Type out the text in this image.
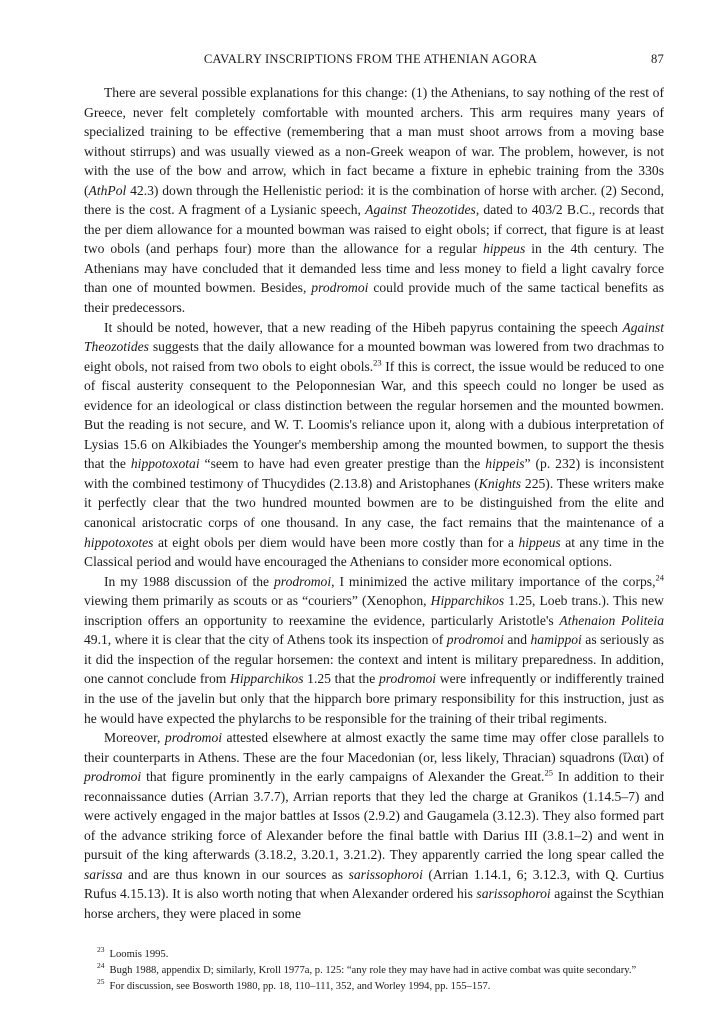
CAVALRY INSCRIPTIONS FROM THE ATHENIAN AGORA	87

There are several possible explanations for this change: (1) the Athenians, to say nothing of the rest of Greece, never felt completely comfortable with mounted archers. This arm requires many years of specialized training to be effective (remembering that a man must shoot arrows from a moving base without stirrups) and was usually viewed as a non-Greek weapon of war. The problem, however, is not with the use of the bow and arrow, which in fact became a fixture in ephebic training from the 330s (AthPol 42.3) down through the Hellenistic period: it is the combination of horse with archer. (2) Second, there is the cost. A fragment of a Lysianic speech, Against Theozotides, dated to 403/2 B.C., records that the per diem allowance for a mounted bowman was raised to eight obols; if correct, that figure is at least two obols (and perhaps four) more than the allowance for a regular hippeus in the 4th century. The Athenians may have concluded that it demanded less time and less money to field a light cavalry force than one of mounted bowmen. Besides, prodromoi could provide much of the same tactical benefits as their predecessors.

It should be noted, however, that a new reading of the Hibeh papyrus containing the speech Against Theozotides suggests that the daily allowance for a mounted bowman was lowered from two drachmas to eight obols, not raised from two obols to eight obols.$^{23}$ If this is correct, the issue would be reduced to one of fiscal austerity consequent to the Peloponnesian War, and this speech could no longer be used as evidence for an ideological or class distinction between the regular horsemen and the mounted bowmen. But the reading is not secure, and W. T. Loomis's reliance upon it, along with a dubious interpretation of Lysias 15.6 on Alkibiades the Younger's membership among the mounted bowmen, to support the thesis that the hippotoxotai “seem to have had even greater prestige than the hippeis” (p. 232) is inconsistent with the combined testimony of Thucydides (2.13.8) and Aristophanes (Knights 225). These writers make it perfectly clear that the two hundred mounted bowmen are to be distinguished from the elite and canonical aristocratic corps of one thousand. In any case, the fact remains that the maintenance of a hippotoxotes at eight obols per diem would have been more costly than for a hippeus at any time in the Classical period and would have encouraged the Athenians to consider more economical options.

In my 1988 discussion of the prodromoi, I minimized the active military importance of the corps,$^{24}$ viewing them primarily as scouts or as “couriers” (Xenophon, Hipparchikos 1.25, Loeb trans.). This new inscription offers an opportunity to reexamine the evidence, particularly Aristotle's Athenaion Politeia 49.1, where it is clear that the city of Athens took its inspection of prodromoi and hamippoi as seriously as it did the inspection of the regular horsemen: the context and intent is military preparedness. In addition, one cannot conclude from Hipparchikos 1.25 that the prodromoi were infrequently or indifferently trained in the use of the javelin but only that the hipparch bore primary responsibility for this instruction, just as he would have expected the phylarchs to be responsible for the training of their tribal regiments.

Moreover, prodromoi attested elsewhere at almost exactly the same time may offer close parallels to their counterparts in Athens. These are the four Macedonian (or, less likely, Thracian) squadrons (ἴλαι) of prodromoi that figure prominently in the early campaigns of Alexander the Great.$^{25}$ In addition to their reconnaissance duties (Arrian 3.7.7), Arrian reports that they led the charge at Granikos (1.14.5–7) and were actively engaged in the major battles at Issos (2.9.2) and Gaugamela (3.12.3). They also formed part of the advance striking force of Alexander before the final battle with Darius III (3.8.1–2) and went in pursuit of the king afterwards (3.18.2, 3.20.1, 3.21.2). They apparently carried the long spear called the sarissa and are thus known in our sources as sarissophoroi (Arrian 1.14.1, 6; 3.12.3, with Q. Curtius Rufus 4.15.13). It is also worth noting that when Alexander ordered his sarissophoroi against the Scythian horse archers, they were placed in some

$^{23}$ Loomis 1995.

$^{24}$ Bugh 1988, appendix D; similarly, Kroll 1977a, p. 125: “any role they may have had in active combat was quite secondary.”

$^{25}$ For discussion, see Bosworth 1980, pp. 18, 110–111, 352, and Worley 1994, pp. 155–157.
